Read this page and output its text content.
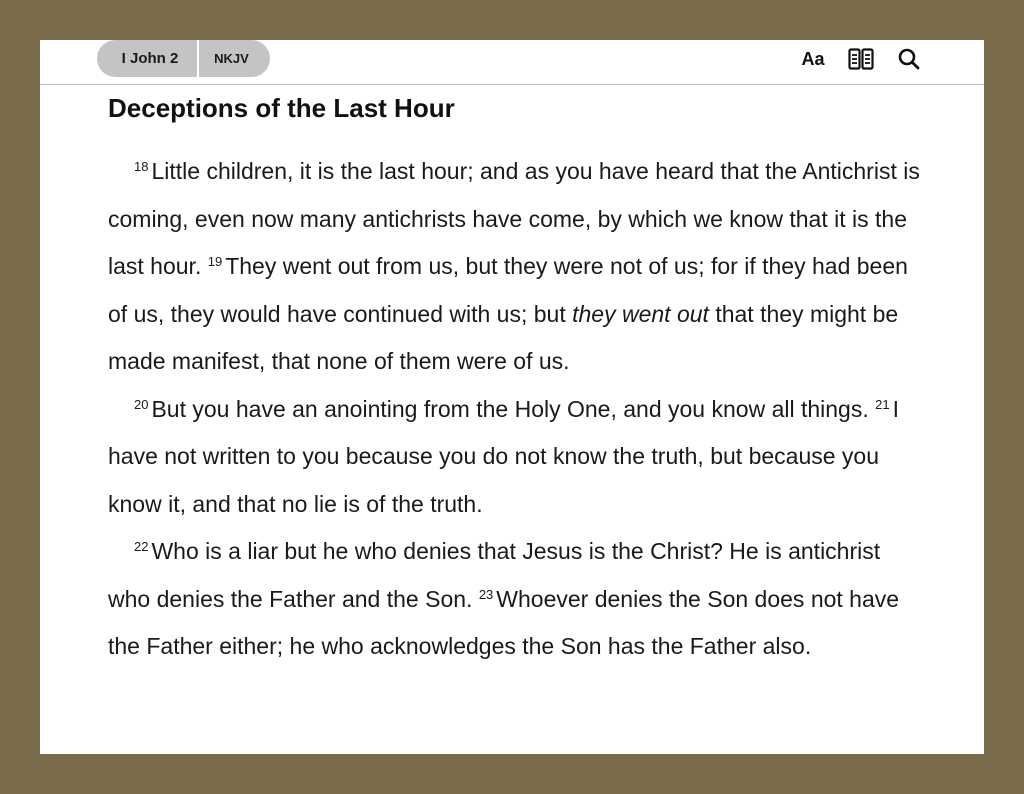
I John 2	NKJV	Aa
Deceptions of the Last Hour

$^{18}$ Little children, it is the last hour; and as you have heard that the Antichrist is coming, even now many antichrists have come, by which we know that it is the last hour. $^{19}$ They went out from us, but they were not of us; for if they had been of us, they would have continued with us; but they went out that they might be made manifest, that none of them were of us.

$^{20}$ But you have an anointing from the Holy One, and you know all things. $^{21}$ I have not written to you because you do not know the truth, but because you know it, and that no lie is of the truth.

$^{22}$ Who is a liar but he who denies that Jesus is the Christ? He is antichrist who denies the Father and the Son. $^{23}$ Whoever denies the Son does not have the Father either; he who acknowledges the Son has the Father also.
